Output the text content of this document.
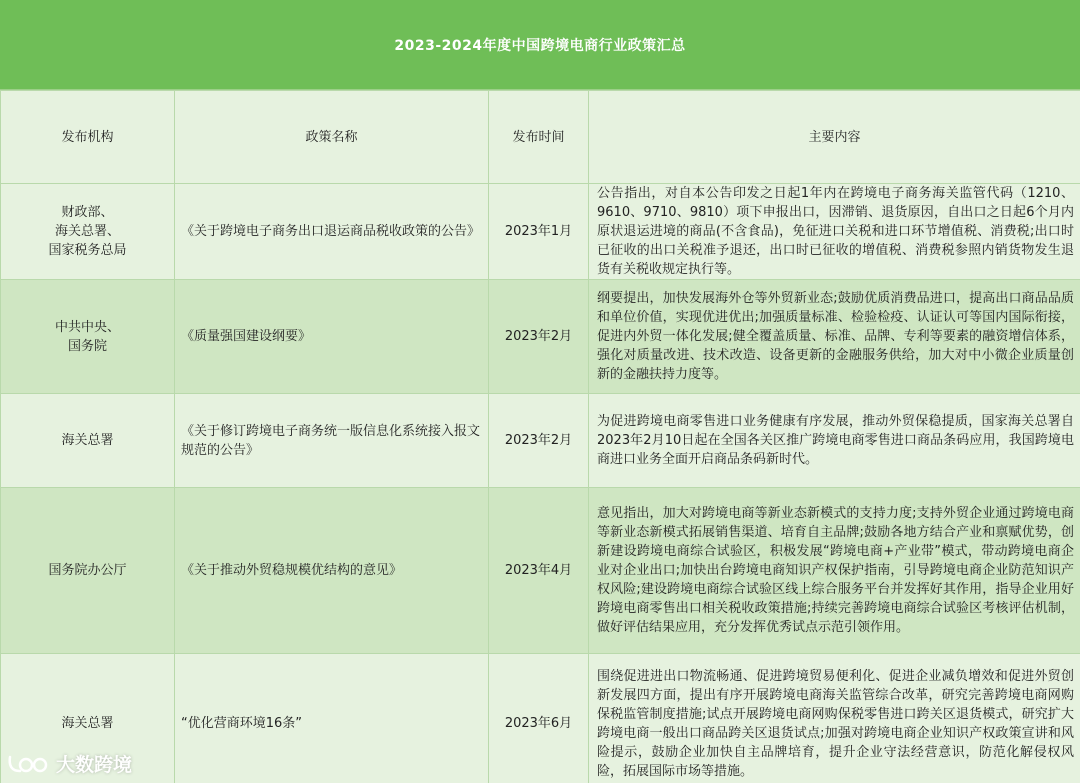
2023-2024年度中国跨境电商行业政策汇总
发布机构	政策名称	发布时间	主要内容

财政部、
海关总署、
国家税务总局	《关于跨境电子商务出口退运商品税收政策的公告》	2023年1月	公告指出，对自本公告印发之日起1年内在跨境电子商务海关监管代码（1210、9610、9710、9810）项下申报出口，因滞销、退货原因，自出口之日起6个月内原状退运进境的商品(不含食品)，免征进口关税和进口环节增值税、消费税;出口时已征收的出口关税准予退还，出口时已征收的增值税、消费税参照内销货物发生退货有关税收规定执行等。

中共中央、
国务院	《质量强国建设纲要》	2023年2月	纲要提出，加快发展海外仓等外贸新业态;鼓励优质消费品进口，提高出口商品品质和单位价值，实现优进优出;加强质量标准、检验检疫、认证认可等国内国际衔接，促进内外贸一体化发展;健全覆盖质量、标准、品牌、专利等要素的融资增信体系，强化对质量改进、技术改造、设备更新的金融服务供给，加大对中小微企业质量创新的金融扶持力度等。

海关总署	《关于修订跨境电子商务统一版信息化系统接入报文规范的公告》	2023年2月	为促进跨境电商零售进口业务健康有序发展，推动外贸保稳提质，国家海关总署自2023年2月10日起在全国各关区推广跨境电商零售进口商品条码应用，我国跨境电商进口业务全面开启商品条码新时代。

国务院办公厅	《关于推动外贸稳规模优结构的意见》	2023年4月	意见指出，加大对跨境电商等新业态新模式的支持力度;支持外贸企业通过跨境电商等新业态新模式拓展销售渠道、培育自主品牌;鼓励各地方结合产业和禀赋优势，创新建设跨境电商综合试验区，积极发展“跨境电商+产业带”模式，带动跨境电商企业对企业出口;加快出台跨境电商知识产权保护指南，引导跨境电商企业防范知识产权风险;建设跨境电商综合试验区线上综合服务平台并发挥好其作用，指导企业用好跨境电商零售出口相关税收政策措施;持续完善跨境电商综合试验区考核评估机制，做好评估结果应用，充分发挥优秀试点示范引领作用。

海关总署	“优化营商环境16条”	2023年6月	围绕促进进出口物流畅通、促进跨境贸易便利化、促进企业减负增效和促进外贸创新发展四方面，提出有序开展跨境电商海关监管综合改革，研究完善跨境电商网购保税监管制度措施;试点开展跨境电商网购保税零售进口跨关区退货模式，研究扩大跨境电商一般出口商品跨关区退货试点;加强对跨境电商企业知识产权政策宣讲和风险提示，鼓励企业加快自主品牌培育，提升企业守法经营意识，防范化解侵权风险，拓展国际市场等措施。
大数跨境
